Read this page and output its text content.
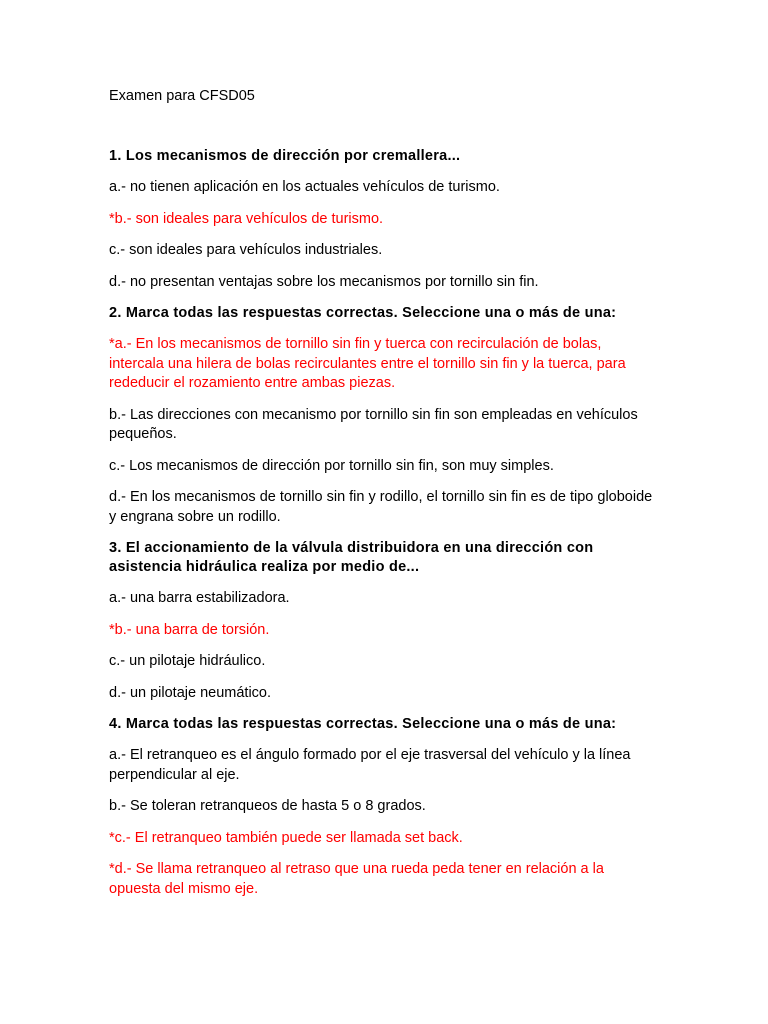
Examen para CFSD05

1. Los mecanismos de dirección por cremallera...

a.- no tienen aplicación en los actuales vehículos de turismo.
*b.- son ideales para vehículos de turismo.
c.- son ideales para vehículos industriales.
d.- no presentan ventajas sobre los mecanismos por tornillo sin fin.

2. Marca todas las respuestas correctas. Seleccione una o más de una:

*a.- En los mecanismos de tornillo sin fin y tuerca con recirculación de bolas, intercala una hilera de bolas recirculantes entre el tornillo sin fin y la tuerca, para rededucir el rozamiento entre ambas piezas.
b.- Las direcciones con mecanismo por tornillo sin fin son empleadas en vehículos pequeños.
c.- Los mecanismos de dirección por tornillo sin fin, son muy simples.
d.- En los mecanismos de tornillo sin fin y rodillo, el tornillo sin fin es de tipo globoide y engrana sobre un rodillo.

3. El accionamiento de la válvula distribuidora en una dirección con asistencia hidráulica realiza por medio de...

a.- una barra estabilizadora.
*b.- una barra de torsión.
c.- un pilotaje hidráulico.
d.- un pilotaje neumático.

4. Marca todas las respuestas correctas. Seleccione una o más de una:

a.- El retranqueo es el ángulo formado por el eje trasversal del vehículo y la línea perpendicular al eje.
b.- Se toleran retranqueos de hasta 5 o 8 grados.
*c.- El retranqueo también puede ser llamada set back.
*d.- Se llama retranqueo al retraso que una rueda peda tener en relación a la opuesta del mismo eje.
